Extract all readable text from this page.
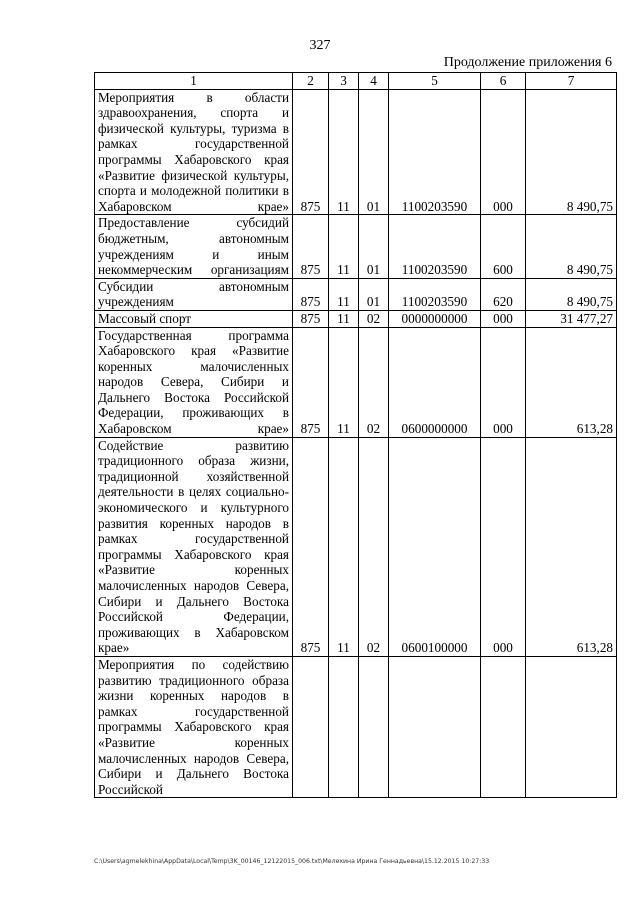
327
Продолжение приложения 6
1	2	3	4	5	6	7
Мероприятия в области здравоохранения, спорта и физической культуры, туризма в рамках государственной программы Хабаровского края «Развитие физической культуры, спорта и молодежной политики в Хабаровском крае»	875	11	01	1100203590	000	8 490,75
Предоставление субсидий бюджетным, автономным учреждениям и иным некоммерческим организациям	875	11	01	1100203590	600	8 490,75
Субсидии автономным учреждениям	875	11	01	1100203590	620	8 490,75
Массовый спорт	875	11	02	0000000000	000	31 477,27
Государственная программа Хабаровского края «Развитие коренных малочисленных народов Севера, Сибири и Дальнего Востока Российской Федерации, проживающих в Хабаровском крае»	875	11	02	0600000000	000	613,28
Содействие развитию традиционного образа жизни, традиционной хозяйственной деятельности в целях социально-экономического и культурного развития коренных народов в рамках государственной программы Хабаровского края «Развитие коренных малочисленных народов Севера, Сибири и Дальнего Востока Российской Федерации, проживающих в Хабаровском крае»	875	11	02	0600100000	000	613,28
Мероприятия по содействию развитию традиционного образа жизни коренных народов в рамках государственной программы Хабаровского края «Развитие коренных малочисленных народов Севера, Сибири и Дальнего Востока Российской						
C:\Users\agmelekhina\AppData\Local\Temp\3K_00146_12122015_006.txt\Мелехина Ирина Геннадьевна\15.12.2015 10:27:33
